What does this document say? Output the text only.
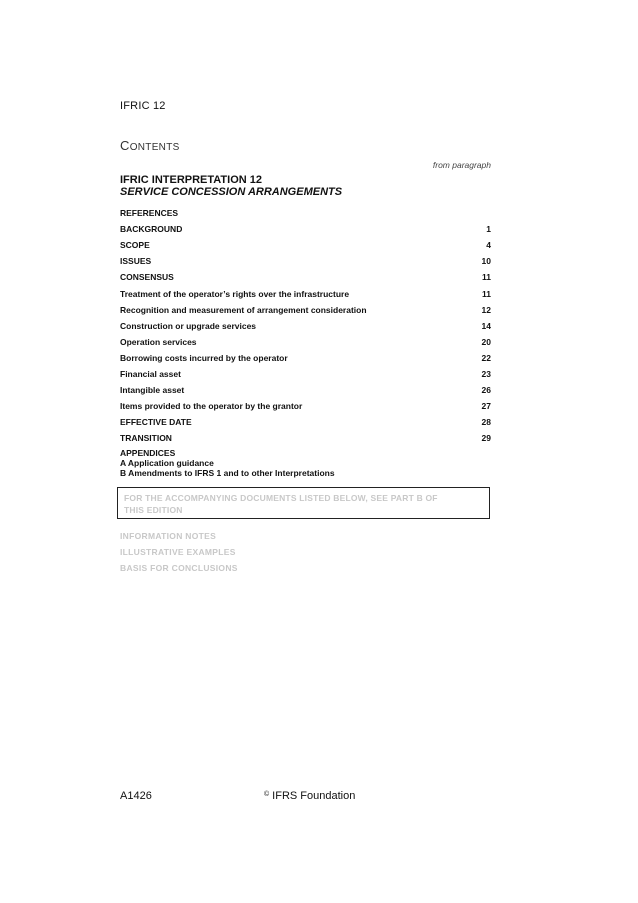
IFRIC 12
CONTENTS
from paragraph
IFRIC INTERPRETATION 12
SERVICE CONCESSION ARRANGEMENTS
REFERENCES
BACKGROUND	1
SCOPE	4
ISSUES	10
CONSENSUS	11
Treatment of the operator’s rights over the infrastructure	11
Recognition and measurement of arrangement consideration	12
Construction or upgrade services	14
Operation services	20
Borrowing costs incurred by the operator	22
Financial asset	23
Intangible asset	26
Items provided to the operator by the grantor	27
EFFECTIVE DATE	28
TRANSITION	29
APPENDICES
A Application guidance
B Amendments to IFRS 1 and to other Interpretations
FOR THE ACCOMPANYING DOCUMENTS LISTED BELOW, SEE PART B OF THIS EDITION
INFORMATION NOTES
ILLUSTRATIVE EXAMPLES
BASIS FOR CONCLUSIONS
A1426	© IFRS Foundation
